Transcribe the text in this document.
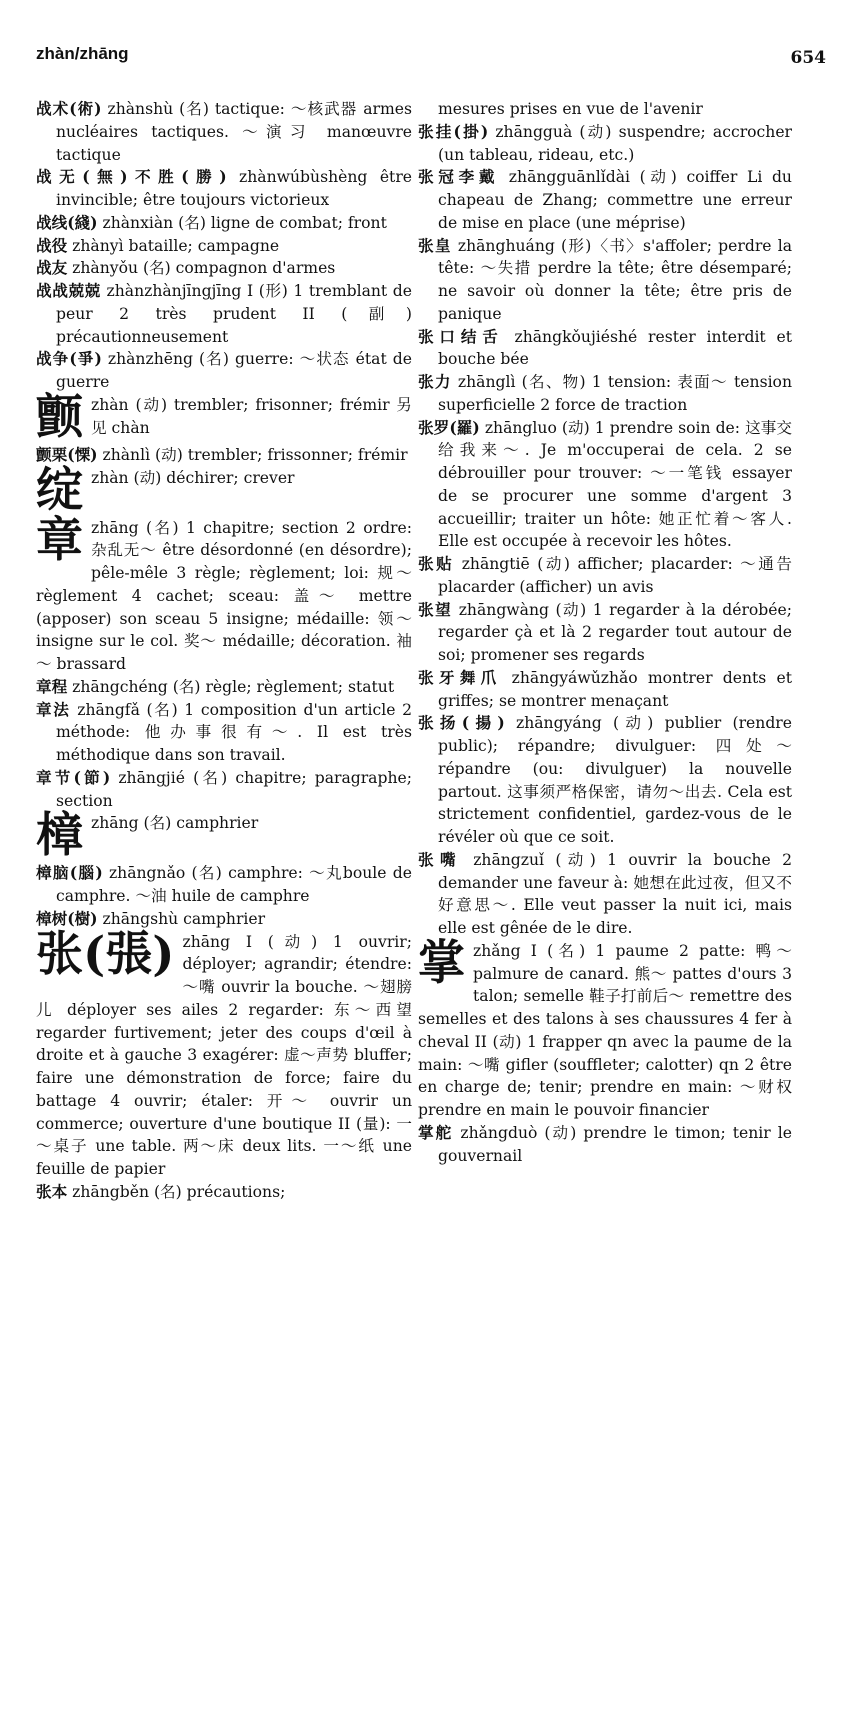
zhàn/zhāng	654

战术(術) zhànshù (名) tactique: ～核武器 armes nucléaires tactiques. ～演习 manœuvre tactique

战无(無)不胜(勝) zhànwúbùshèng être invincible; être toujours victorieux

战线(綫) zhànxiàn (名) ligne de combat; front

战役 zhànyì bataille; campagne

战友 zhànyǒu (名) compagnon d'armes

战战兢兢 zhànzhànjīngjīng I (形) 1 tremblant de peur 2 très prudent II (副) précautionneusement

战争(爭) zhànzhēng (名) guerre: ～状态 état de guerre

颤 zhàn (动) trembler; frisonner; frémir 另见 chàn

颤栗(慄) zhànlì (动) trembler; frissonner; frémir

绽 zhàn (动) déchirer; crever
章 zhāng (名) 1 chapitre; section 2 ordre: 杂乱无～ être désordonné (en désordre); pêle-mêle 3 règle; règlement; loi: 规～ règlement 4 cachet; sceau: 盖～ mettre (apposer) son sceau 5 insigne; médaille: 领～ insigne sur le col. 奖～ médaille; décoration. 袖～ brassard

章程 zhāngchéng (名) règle; règlement; statut

章法 zhāngfǎ (名) 1 composition d'un article 2 méthode: 他办事很有～. Il est très méthodique dans son travail.

章节(節) zhāngjié (名) chapitre; paragraphe; section

樟 zhāng (名) camphrier

樟脑(腦) zhāngnǎo (名) camphre: ～丸boule de camphre. ～油 huile de camphre

樟树(樹) zhāngshù camphrier

张(張) zhāng I (动) 1 ouvrir; déployer; agrandir; étendre: ～嘴 ouvrir la bouche. ～翅膀儿 déployer ses ailes 2 regarder: 东～西望 regarder furtivement; jeter des coups d'œil à droite et à gauche 3 exagérer: 虚～声势 bluffer; faire une démonstration de force; faire du battage 4 ouvrir; étaler: 开～ ouvrir un commerce; ouverture d'une boutique II (量): 一～桌子 une table. 两～床 deux lits. 一～纸 une feuille de papier

张本 zhāngběn (名) précautions;

mesures prises en vue de l'avenir

张挂(掛) zhāngguà (动) suspendre; accrocher (un tableau, rideau, etc.)

张冠李戴 zhāngguānlǐdài (动) coiffer Li du chapeau de Zhang; commettre une erreur de mise en place (une méprise)

张皇 zhānghuáng (形)〈书〉s'affoler; perdre la tête: ～失措 perdre la tête; être désemparé; ne savoir où donner la tête; être pris de panique

张口结舌 zhāngkǒujiéshé rester interdit et bouche bée

张力 zhānglì (名、物) 1 tension: 表面～ tension superficielle 2 force de traction

张罗(羅) zhāngluo (动) 1 prendre soin de: 这事交给我来～. Je m'occuperai de cela. 2 se débrouiller pour trouver: ～一笔钱 essayer de se procurer une somme d'argent 3 accueillir; traiter un hôte: 她正忙着～客人. Elle est occupée à recevoir les hôtes.

张贴 zhāngtiē (动) afficher; placarder: ～通告 placarder (afficher) un avis

张望 zhāngwàng (动) 1 regarder à la dérobée; regarder çà et là 2 regarder tout autour de soi; promener ses regards

张牙舞爪 zhāngyáwǔzhǎo montrer dents et griffes; se montrer menaçant

张扬(揚) zhāngyáng (动) publier (rendre public); répandre; divulguer: 四处～ répandre (ou: divulguer) la nouvelle partout. 这事须严格保密，请勿～出去. Cela est strictement confidentiel, gardez-vous de le révéler où que ce soit.

张嘴 zhāngzuǐ (动) 1 ouvrir la bouche 2 demander une faveur à: 她想在此过夜，但又不好意思～. Elle veut passer la nuit ici, mais elle est gênée de le dire.

掌 zhǎng I (名) 1 paume 2 patte: 鸭～ palmure de canard. 熊～ pattes d'ours 3 talon; semelle 鞋子打前后～ remettre des semelles et des talons à ses chaussures 4 fer à cheval II (动) 1 frapper qn avec la paume de la main: ～嘴 gifler (souffleter; calotter) qn 2 être en charge de; tenir; prendre en main: ～财权 prendre en main le pouvoir financier

掌舵 zhǎngduò (动) prendre le timon; tenir le gouvernail
